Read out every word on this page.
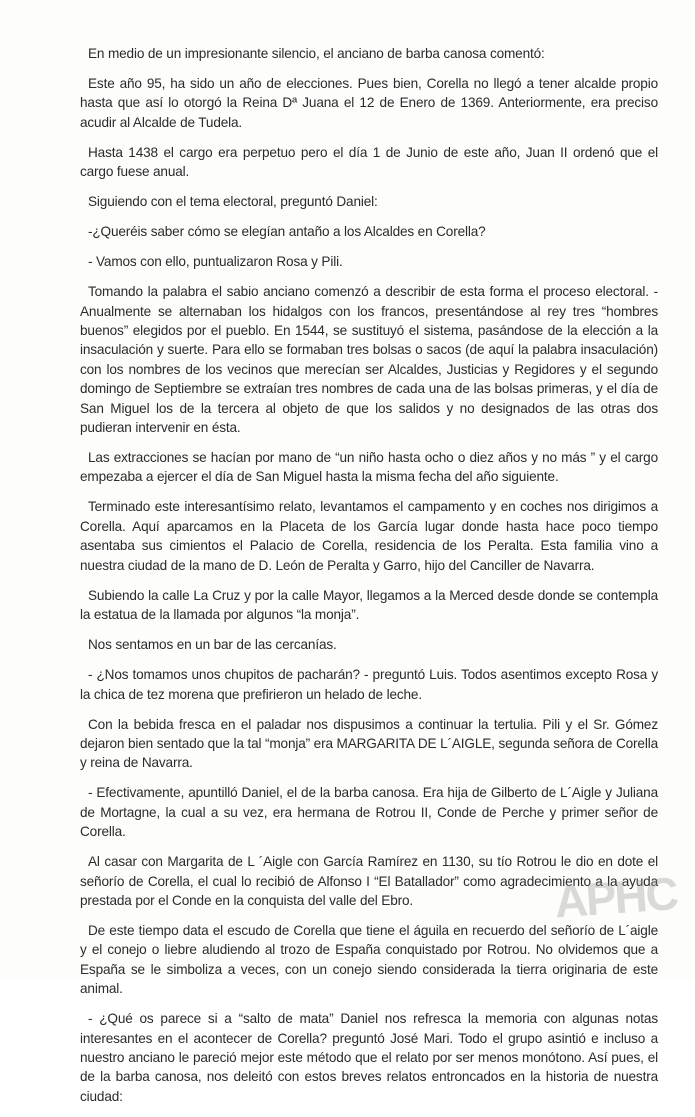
En medio de un impresionante silencio, el anciano de barba canosa comentó:

Este año 95, ha sido un año de elecciones. Pues bien, Corella no llegó a tener alcalde propio hasta que así lo otorgó la Reina Dª Juana el 12 de Enero de 1369. Anteriormente, era preciso acudir al Alcalde de Tudela.

Hasta 1438 el cargo era perpetuo pero el día 1 de Junio de este año, Juan II ordenó que el cargo fuese anual.

Siguiendo con el tema electoral, preguntó Daniel:

-¿Queréis saber cómo se elegían antaño a los Alcaldes en Corella?

- Vamos con ello, puntualizaron Rosa y Pili.

Tomando la palabra el sabio anciano comenzó a describir de esta forma el proceso electoral. - Anualmente se alternaban los hidalgos con los francos, presentándose al rey tres “hombres buenos” elegidos por el pueblo. En 1544, se sustituyó el sistema, pasándose de la elección a la insaculación y suerte. Para ello se formaban tres bolsas o sacos (de aquí la palabra insaculación) con los nombres de los vecinos que merecían ser Alcaldes, Justicias y Regidores y el segundo domingo de Septiembre se extraían tres nombres de cada una de las bolsas primeras, y el día de San Miguel los de la tercera al objeto de que los salidos y no designados de las otras dos pudieran intervenir en ésta.

Las extracciones se hacían por mano de “un niño hasta ocho o diez años y no más ” y el cargo empezaba a ejercer el día de San Miguel hasta la misma fecha del año siguiente.

Terminado este interesantísimo relato, levantamos el campamento y en coches nos dirigimos a Corella. Aquí aparcamos en la Placeta de los García lugar donde hasta hace poco tiempo asentaba sus cimientos el Palacio de Corella, residencia de los Peralta. Esta familia vino a nuestra ciudad de la mano de D. León de Peralta y Garro, hijo del Canciller de Navarra.

Subiendo la calle La Cruz y por la calle Mayor, llegamos a la Merced desde donde se contempla la estatua de la llamada por algunos “la monja”.

Nos sentamos en un bar de las cercanías.

- ¿Nos tomamos unos chupitos de pacharán? - preguntó Luis. Todos asentimos excepto Rosa y la chica de tez morena que prefirieron un helado de leche.

Con la bebida fresca en el paladar nos dispusimos a continuar la tertulia. Pili y el Sr. Gómez dejaron bien sentado que la tal “monja” era MARGARITA DE L´AIGLE, segunda señora de Corella y reina de Navarra.

- Efectivamente, apuntilló Daniel, el de la barba canosa. Era hija de Gilberto de L´Aigle y Juliana de Mortagne, la cual a su vez, era hermana de Rotrou II, Conde de Perche y primer señor de Corella.

Al casar con Margarita de L ´Aigle con García Ramírez en 1130, su tío Rotrou le dio en dote el señorío de Corella, el cual lo recibió de Alfonso I “El Batallador” como agradecimiento a la ayuda prestada por el Conde en la conquista del valle del Ebro.

De este tiempo data el escudo de Corella que tiene el águila en recuerdo del señorío de L´aigle y el conejo o liebre aludiendo al trozo de España conquistado por Rotrou. No olvidemos que a España se le simboliza a veces, con un conejo siendo considerada la tierra originaria de este animal.

- ¿Qué os parece si a “salto de mata” Daniel nos refresca la memoria con algunas notas interesantes en el acontecer de Corella? preguntó José Mari. Todo el grupo asintió e incluso a nuestro anciano le pareció mejor este método que el relato por ser menos monótono. Así pues, el de la barba canosa, nos deleitó con estos breves relatos entroncados en la historia de nuestra ciudad:

APHC
